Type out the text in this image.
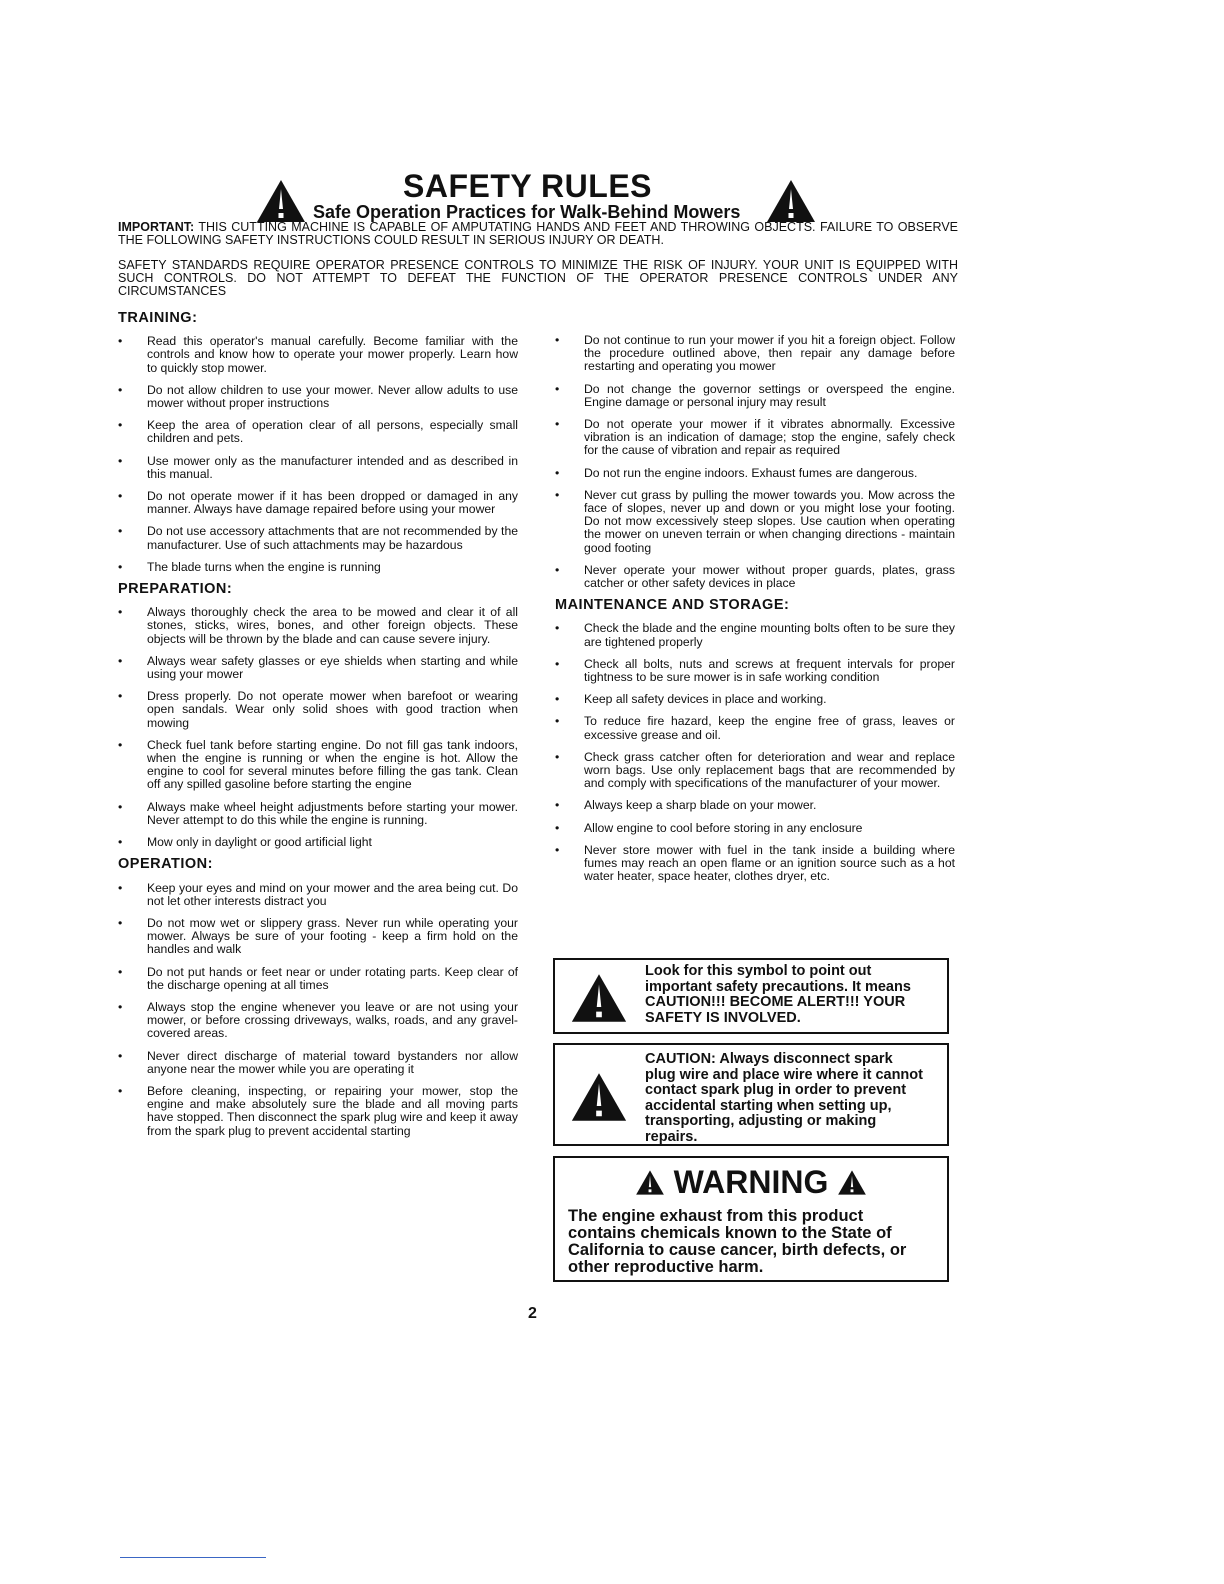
SAFETY RULES
Safe Operation Practices for Walk-Behind Mowers
IMPORTANT: THIS CUTTING MACHINE IS CAPABLE OF AMPUTATING HANDS AND FEET AND THROWING OBJECTS. FAILURE TO OBSERVE THE FOLLOWING SAFETY INSTRUCTIONS COULD RESULT IN SERIOUS INJURY OR DEATH.
SAFETY STANDARDS REQUIRE OPERATOR PRESENCE CONTROLS TO MINIMIZE THE RISK OF INJURY. YOUR UNIT IS EQUIPPED WITH SUCH CONTROLS. DO NOT ATTEMPT TO DEFEAT THE FUNCTION OF THE OPERATOR PRESENCE CONTROLS UNDER ANY CIRCUMSTANCES
TRAINING:
• Read this operator's manual carefully. Become familiar with the controls and know how to operate your mower properly. Learn how to quickly stop mower.
• Do not allow children to use your mower. Never allow adults to use mower without proper instructions
• Keep the area of operation clear of all persons, especially small children and pets.
• Use mower only as the manufacturer intended and as described in this manual.
• Do not operate mower if it has been dropped or damaged in any manner. Always have damage repaired before using your mower
• Do not use accessory attachments that are not recommended by the manufacturer. Use of such attachments may be hazardous
• The blade turns when the engine is running
PREPARATION:
• Always thoroughly check the area to be mowed and clear it of all stones, sticks, wires, bones, and other foreign objects. These objects will be thrown by the blade and can cause severe injury.
• Always wear safety glasses or eye shields when starting and while using your mower
• Dress properly. Do not operate mower when barefoot or wearing open sandals. Wear only solid shoes with good traction when mowing
• Check fuel tank before starting engine. Do not fill gas tank indoors, when the engine is running or when the engine is hot. Allow the engine to cool for several minutes before filling the gas tank. Clean off any spilled gasoline before starting the engine
• Always make wheel height adjustments before starting your mower. Never attempt to do this while the engine is running.
• Mow only in daylight or good artificial light
OPERATION:
• Keep your eyes and mind on your mower and the area being cut. Do not let other interests distract you
• Do not mow wet or slippery grass. Never run while operating your mower. Always be sure of your footing - keep a firm hold on the handles and walk
• Do not put hands or feet near or under rotating parts. Keep clear of the discharge opening at all times
• Always stop the engine whenever you leave or are not using your mower, or before crossing driveways, walks, roads, and any gravel-covered areas.
• Never direct discharge of material toward bystanders nor allow anyone near the mower while you are operating it
• Before cleaning, inspecting, or repairing your mower, stop the engine and make absolutely sure the blade and all moving parts have stopped. Then disconnect the spark plug wire and keep it away from the spark plug to prevent accidental starting
• Do not continue to run your mower if you hit a foreign object. Follow the procedure outlined above, then repair any damage before restarting and operating you mower
• Do not change the governor settings or overspeed the engine. Engine damage or personal injury may result
• Do not operate your mower if it vibrates abnormally. Excessive vibration is an indication of damage; stop the engine, safely check for the cause of vibration and repair as required
• Do not run the engine indoors. Exhaust fumes are dangerous.
• Never cut grass by pulling the mower towards you. Mow across the face of slopes, never up and down or you might lose your footing. Do not mow excessively steep slopes. Use caution when operating the mower on uneven terrain or when changing directions - maintain good footing
• Never operate your mower without proper guards, plates, grass catcher or other safety devices in place
MAINTENANCE AND STORAGE:
• Check the blade and the engine mounting bolts often to be sure they are tightened properly
• Check all bolts, nuts and screws at frequent intervals for proper tightness to be sure mower is in safe working condition
• Keep all safety devices in place and working.
• To reduce fire hazard, keep the engine free of grass, leaves or excessive grease and oil.
• Check grass catcher often for deterioration and wear and replace worn bags. Use only replacement bags that are recommended by and comply with specifications of the manufacturer of your mower.
• Always keep a sharp blade on your mower.
• Allow engine to cool before storing in any enclosure
• Never store mower with fuel in the tank inside a building where fumes may reach an open flame or an ignition source such as a hot water heater, space heater, clothes dryer, etc.
Look for this symbol to point out important safety precautions. It means CAUTION!!! BECOME ALERT!!! YOUR SAFETY IS INVOLVED.
CAUTION: Always disconnect spark plug wire and place wire where it cannot contact spark plug in order to prevent accidental starting when setting up, transporting, adjusting or making repairs.
WARNING
The engine exhaust from this product contains chemicals known to the State of California to cause cancer, birth defects, or other reproductive harm.
2
